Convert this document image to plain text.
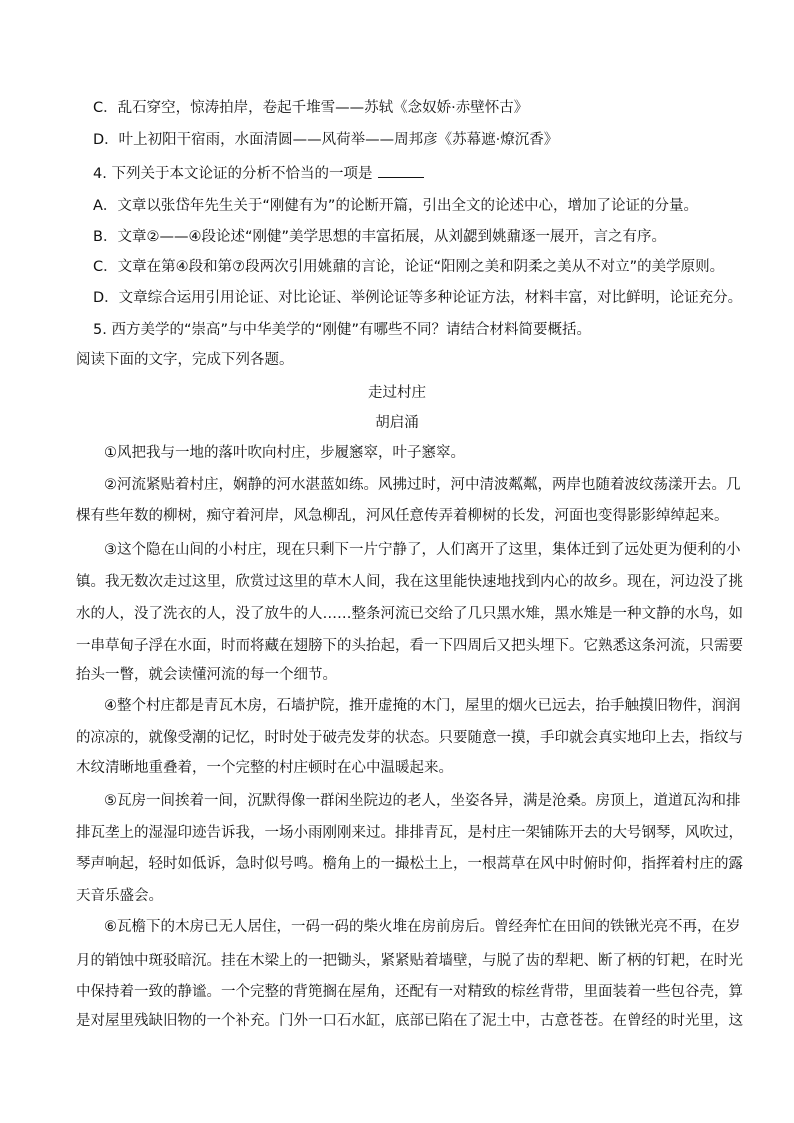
C．乱石穿空，惊涛拍岸，卷起千堆雪——苏轼《念奴娇·赤壁怀古》
D．叶上初阳干宿雨，水面清圆——风荷举——周邦彦《苏幕遮·燎沉香》
4. 下列关于本文论证的分析不恰当的一项是
A．文章以张岱年先生关于“刚健有为”的论断开篇，引出全文的论述中心，增加了论证的分量。
B．文章②——④段论述“刚健”美学思想的丰富拓展，从刘勰到姚鼐逐一展开，言之有序。
C．文章在第④段和第⑦段两次引用姚鼐的言论，论证“阳刚之美和阴柔之美从不对立”的美学原则。
D．文章综合运用引用论证、对比论证、举例论证等多种论证方法，材料丰富，对比鲜明，论证充分。
5. 西方美学的“崇高”与中华美学的“刚健”有哪些不同？请结合材料简要概括。
阅读下面的文字，完成下列各题。
走过村庄
胡启涌
①风把我与一地的落叶吹向村庄，步履窸窣，叶子窸窣。
②河流紧贴着村庄，娴静的河水湛蓝如练。风拂过时，河中清波粼粼，两岸也随着波纹荡漾开去。几
棵有些年数的柳树，痴守着河岸，风急柳乱，河风任意传弄着柳树的长发，河面也变得影影绰绰起来。
③这个隐在山间的小村庄，现在只剩下一片宁静了，人们离开了这里，集体迁到了远处更为便利的小
镇。我无数次走过这里，欣赏过这里的草木人间，我在这里能快速地找到内心的故乡。现在，河边没了挑
水的人，没了洗衣的人，没了放牛的人……整条河流已交给了几只黑水雉，黑水雉是一种文静的水鸟，如
一串草甸子浮在水面，时而将藏在翅膀下的头抬起，看一下四周后又把头埋下。它熟悉这条河流，只需要
抬头一瞥，就会读懂河流的每一个细节。
④整个村庄都是青瓦木房，石墙护院，推开虚掩的木门，屋里的烟火已远去，抬手触摸旧物件，润润
的凉凉的，就像受潮的记忆，时时处于破壳发芽的状态。只要随意一摸，手印就会真实地印上去，指纹与
木纹清晰地重叠着，一个完整的村庄顿时在心中温暖起来。
⑤瓦房一间挨着一间，沉默得像一群闲坐院边的老人，坐姿各异，满是沧桑。房顶上，道道瓦沟和排
排瓦垄上的湿湿印迹告诉我，一场小雨刚刚来过。排排青瓦，是村庄一架铺陈开去的大号钢琴，风吹过，
琴声响起，轻时如低诉，急时似号鸣。檐角上的一撮松土上，一根蒿草在风中时俯时仰，指挥着村庄的露
天音乐盛会。
⑥瓦檐下的木房已无人居住，一码一码的柴火堆在房前房后。曾经奔忙在田间的铁锹光亮不再，在岁
月的销蚀中斑驳暗沉。挂在木梁上的一把锄头，紧紧贴着墙壁，与脱了齿的犁耙、断了柄的钉耙，在时光
中保持着一致的静谧。一个完整的背篼搁在屋角，还配有一对精致的棕丝背带，里面装着一些包谷壳，算
是对屋里残缺旧物的一个补充。门外一口石水缸，底部已陷在了泥土中，古意苍苍。在曾经的时光里，这
